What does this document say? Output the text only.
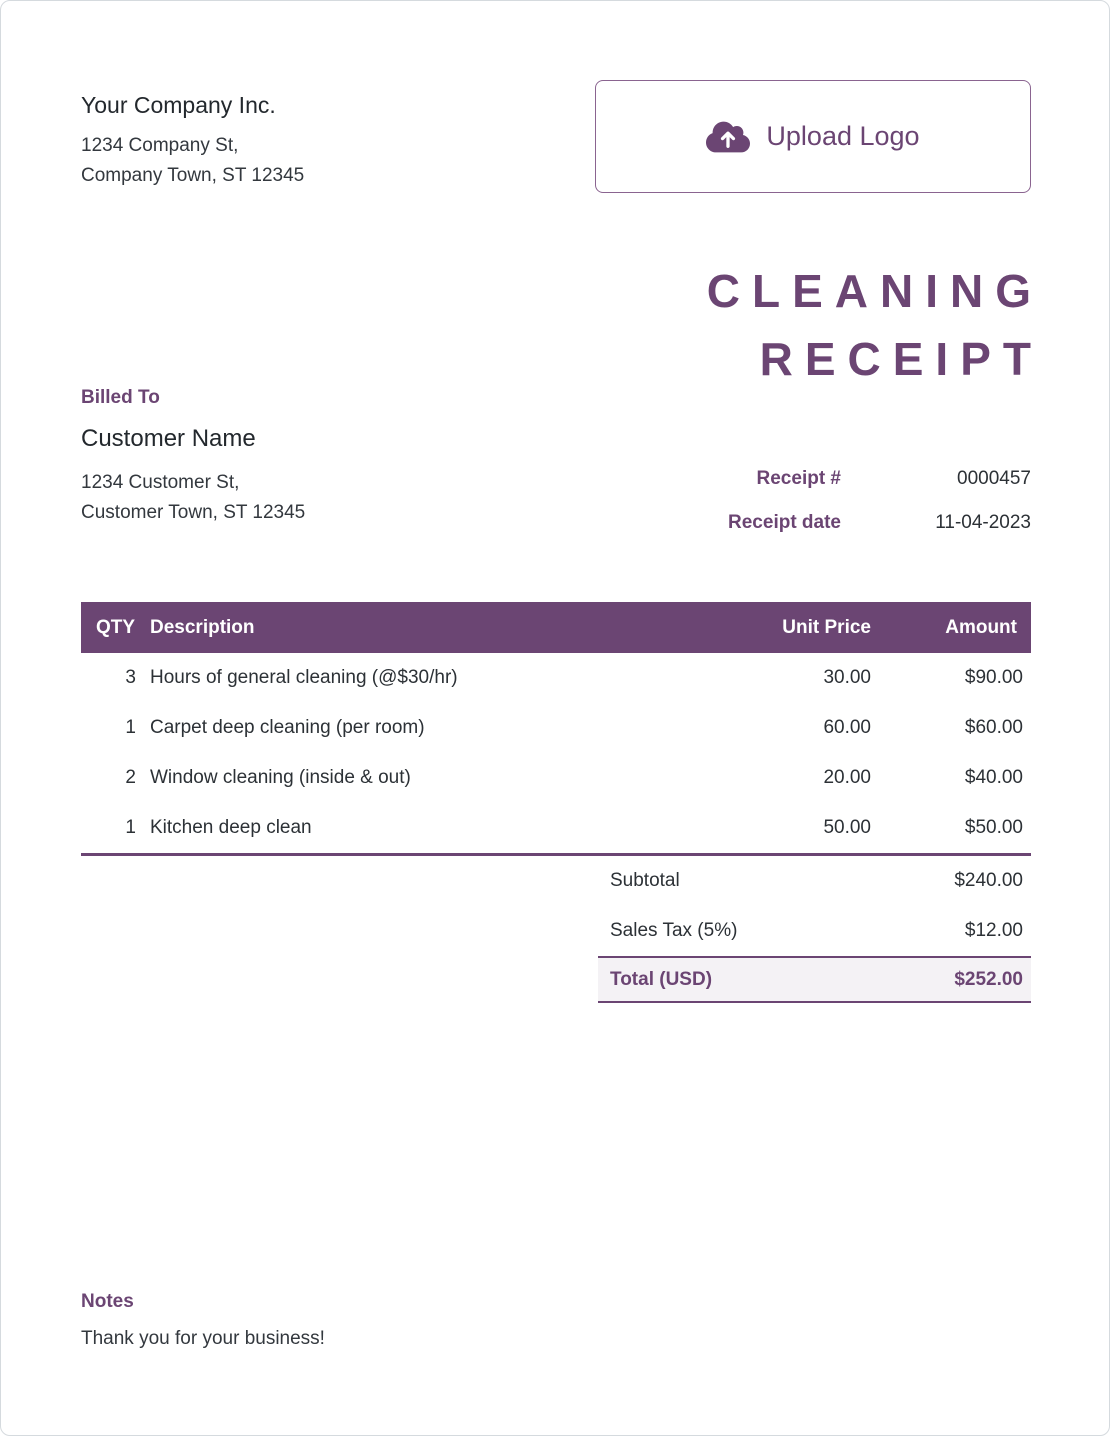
Your Company Inc.
1234 Company St,
Company Town, ST 12345
Upload Logo
Billed To
Customer Name
1234 Customer St,
Customer Town, ST 12345
CLEANING
RECEIPT
Receipt #	0000457
Receipt date	11-04-2023
QTY Description	Unit Price	Amount
3 Hours of general cleaning (@$30/hr)	30.00	$90.00
1 Carpet deep cleaning (per room)	60.00	$60.00
2 Window cleaning (inside & out)	20.00	$40.00
1 Kitchen deep clean	50.00	$50.00
Subtotal	$240.00
Sales Tax (5%)	$12.00
Total (USD)	$252.00
Notes
Thank you for your business!
